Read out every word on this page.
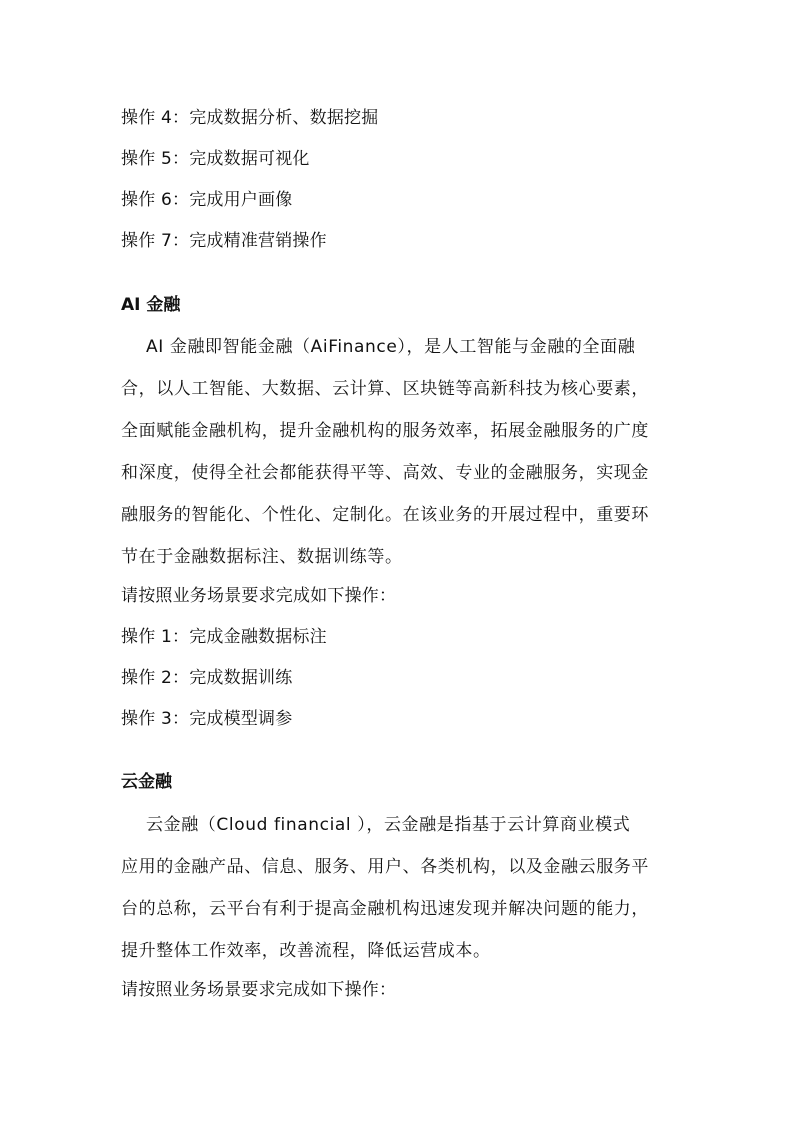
操作 4：完成数据分析、数据挖掘
操作 5：完成数据可视化
操作 6：完成用户画像
操作 7：完成精准营销操作
AI 金融
AI 金融即智能金融（AiFinance），是人工智能与金融的全面融
合，以人工智能、大数据、云计算、区块链等高新科技为核心要素，
全面赋能金融机构，提升金融机构的服务效率，拓展金融服务的广度
和深度，使得全社会都能获得平等、高效、专业的金融服务，实现金
融服务的智能化、个性化、定制化。在该业务的开展过程中，重要环
节在于金融数据标注、数据训练等。
请按照业务场景要求完成如下操作：
操作 1：完成金融数据标注
操作 2：完成数据训练
操作 3：完成模型调参
云金融
云金融（Cloud financial ），云金融是指基于云计算商业模式
应用的金融产品、信息、服务、用户、各类机构，以及金融云服务平
台的总称，云平台有利于提高金融机构迅速发现并解决问题的能力，
提升整体工作效率，改善流程，降低运营成本。
请按照业务场景要求完成如下操作：
